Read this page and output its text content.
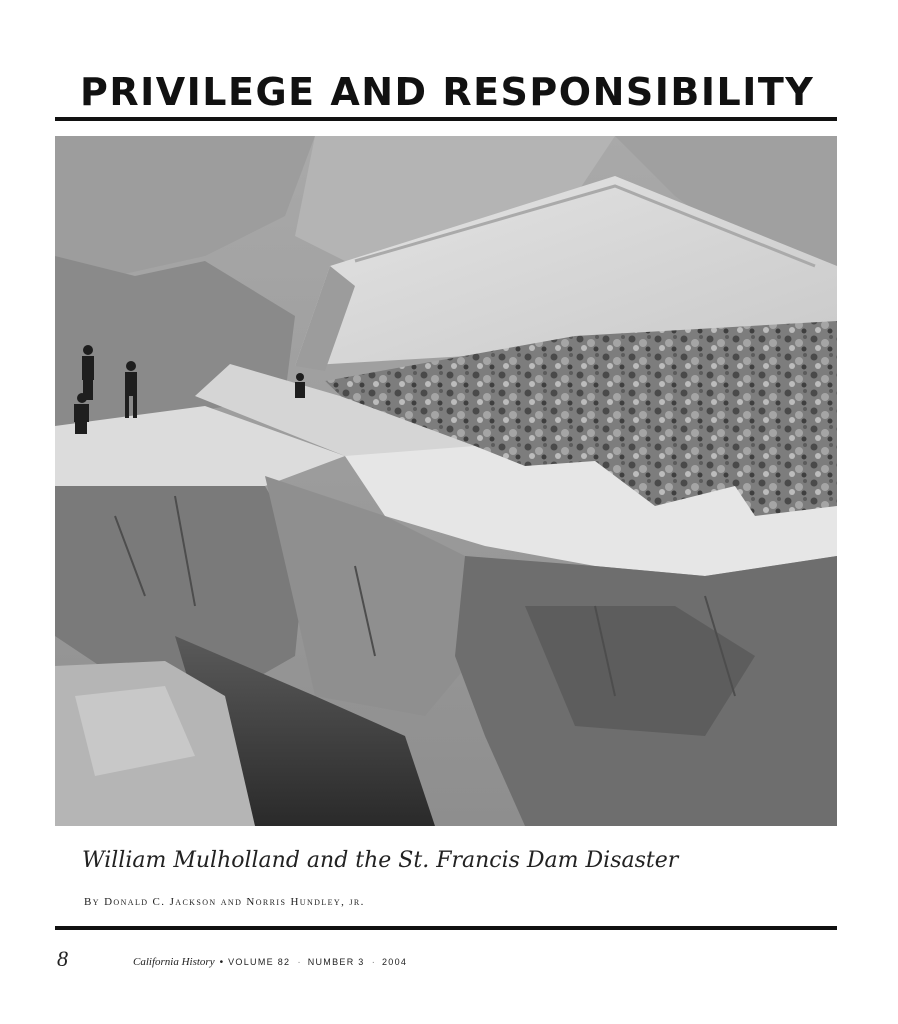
PRIVILEGE AND RESPONSIBILITY

William Mulholland and the St. Francis Dam Disaster

By Donald C. Jackson and Norris Hundley, jr.
8	California History • VOLUME 82 · NUMBER 3 · 2004
